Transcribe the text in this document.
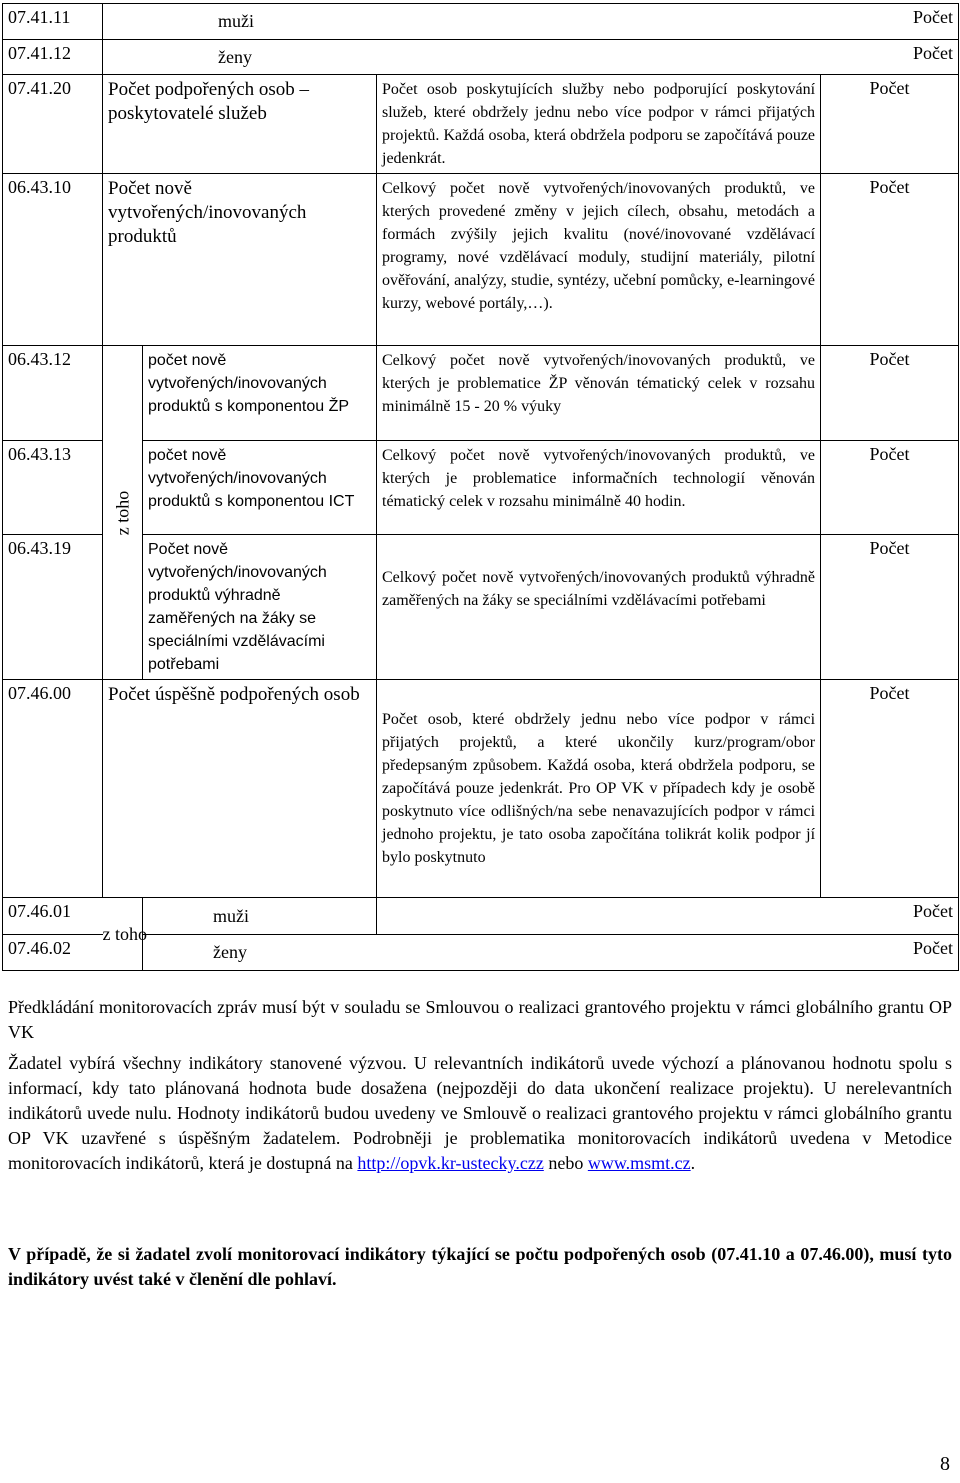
07.41.11	muži			Počet
07.41.12	ženy			Počet
07.41.20	Počet podpořených osob – poskytovatelé služeb		Počet osob poskytujících služby nebo podporující poskytování služeb, které obdržely jednu nebo více podpor v rámci přijatých projektů. Každá osoba, která obdržela podporu se započítává pouze jedenkrát.	Počet
06.43.10	Počet nově vytvořených/inovovaných produktů		Celkový počet nově vytvořených/inovovaných produktů, ve kterých provedené změny v jejich cílech, obsahu, metodách a formách zvýšily jejich kvalitu (nové/inovované vzdělávací programy, nové vzdělávací moduly, studijní materiály, pilotní ověřování, analýzy, studie, syntézy, učební pomůcky, e-learningové kurzy, webové portály,…).	Počet
06.43.12	z toho	počet nově vytvořených/inovovaných produktů s komponentou ŽP	Celkový počet nově vytvořených/inovovaných produktů, ve kterých je problematice ŽP věnován tématický celek v rozsahu minimálně 15 - 20 % výuky	Počet
06.43.13		počet nově vytvořených/inovovaných produktů s komponentou ICT	Celkový počet nově vytvořených/inovovaných produktů, ve kterých je problematice informačních technologií věnován tématický celek v rozsahu minimálně 40 hodin.	Počet
06.43.19		Počet nově vytvořených/inovovaných produktů výhradně zaměřených na žáky se speciálními vzdělávacími potřebami	Celkový počet nově vytvořených/inovovaných produktů výhradně zaměřených na žáky se speciálními vzdělávacími potřebami	Počet
07.46.00	Počet úspěšně podpořených osob		Počet osob, které obdržely jednu nebo více podpor v rámci přijatých projektů, a které ukončily kurz/program/obor předepsaným způsobem. Každá osoba, která obdržela podporu, se započítává pouze jedenkrát. Pro OP VK v případech kdy je osobě poskytnuto více odlišných/na sebe nenavazujících podpor v rámci jednoho projektu, je tato osoba započítána tolikrát kolik podpor jí bylo poskytnuto	Počet
07.46.01	z toho	muži		Počet
07.46.02		ženy		Počet
Předkládání monitorovacích zpráv musí být v souladu se Smlouvou o realizaci grantového projektu v rámci globálního grantu OP VK
Žadatel vybírá všechny indikátory stanovené výzvou. U relevantních indikátorů uvede výchozí a plánovanou hodnotu spolu s informací, kdy tato plánovaná hodnota bude dosažena (nejpozději do data ukončení realizace projektu). U nerelevantních indikátorů uvede nulu. Hodnoty indikátorů budou uvedeny ve Smlouvě o realizaci grantového projektu v rámci globálního grantu OP VK uzavřené s úspěšným žadatelem. Podrobněji je problematika monitorovacích indikátorů uvedena v Metodice monitorovacích indikátorů, která je dostupná na http://opvk.kr-ustecky.czz nebo www.msmt.cz.
V případě, že si žadatel zvolí monitorovací indikátory týkající se počtu podpořených osob (07.41.10 a 07.46.00), musí tyto indikátory uvést také v členění dle pohlaví.
8
